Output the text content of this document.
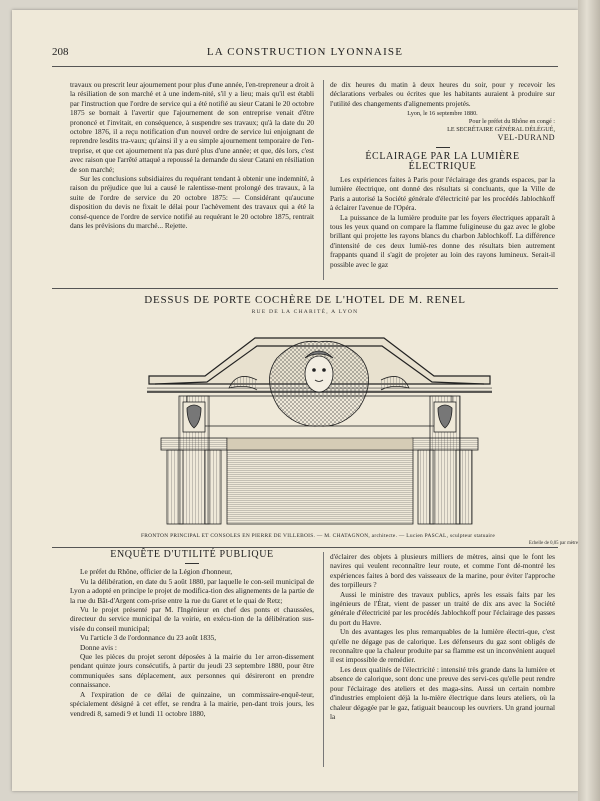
208	LA CONSTRUCTION LYONNAISE

travaux ou prescrit leur ajournement pour plus d'une année, l'en-trepreneur a droit à la résiliation de son marché et à une indem-nité, s'il y a lieu; mais qu'il est établi par l'instruction que l'ordre de service qui a été notifié au sieur Catani le 20 octobre 1875 se bornait à l'avertir que l'ajournement de son entreprise venait d'être prononcé et l'invitait, en conséquence, à suspendre ses travaux; qu'à la date du 20 octobre 1876, il a reçu notification d'un nouvel ordre de service lui enjoignant de reprendre lesdits tra-vaux; qu'ainsi il y a eu simple ajournement temporaire de l'en-treprise, et que cet ajournement n'a pas duré plus d'une année; et que, dès lors, c'est avec raison que l'arrêté attaqué a repoussé la demande du sieur Catani en résiliation de son marché;

Sur les conclusions subsidiaires du requérant tendant à obtenir une indemnité, à raison du préjudice que lui a causé le ralentisse-ment prolongé des travaux, à la suite de l'ordre de service du 20 octobre 1875: — Considérant qu'aucune disposition du devis ne fixait le délai pour l'achèvement des travaux qui a été la consé-quence de l'ordre de service notifié au requérant le 20 octobre 1875, rentrait dans les prévisions du marché... Rejette.

de dix heures du matin à deux heures du soir, pour y recevoir les déclarations verbales ou écrites que les habitants auraient à produire sur l'utilité des changements d'alignements projetés.

Lyon, le 16 septembre 1880.
Pour le préfet du Rhône en congé :
LE SECRÉTAIRE GÉNÉRAL DÉLÉGUÉ,
VEL-DURAND
ÉCLAIRAGE PAR LA LUMIÈRE ÉLECTRIQUE

Les expériences faites à Paris pour l'éclairage des grands espaces, par la lumière électrique, ont donné des résultats si concluants, que la Ville de Paris a autorisé la Société générale d'électricité par les procédés Jablochkoff à éclairer l'avenue de l'Opéra.

La puissance de la lumière produite par les foyers électriques apparaît à tous les yeux quand on compare la flamme fuligineuse du gaz avec le globe brillant qui projette les rayons blancs du charbon Jablochkoff. La différence d'intensité de ces deux lumiè-res donne des résultats bien autrement frappants quand il s'agit de projeter au loin des rayons lumineux. Serait-il possible avec le gaz

DESSUS DE PORTE COCHÈRE DE L'HOTEL DE M. RENEL
RUE DE LA CHARITÉ, A LYON
FRONTON PRINCIPAL ET CONSOLES EN PIERRE DE VILLEBOIS. — M. CHATAGNON, architecte. — Lucien PASCAL, sculpteur statuaire
Echelle de 0,05 par mètre
ENQUÊTE D'UTILITÉ PUBLIQUE

Le préfet du Rhône, officier de la Légion d'honneur,

Vu la délibération, en date du 5 août 1880, par laquelle le con-seil municipal de Lyon a adopté en principe le projet de modifica-tion des alignements de la partie de la rue du Bât-d'Argent com-prise entre la rue du Garet et le quai de Retz;

Vu le projet présenté par M. l'Ingénieur en chef des ponts et chaussées, directeur du service municipal de la voirie, en exécu-tion de la délibération sus-visée du conseil municipal;

Vu l'article 3 de l'ordonnance du 23 août 1835,

Donne avis :

Que les pièces du projet seront déposées à la mairie du 1er arron-dissement pendant quinze jours consécutifs, à partir du jeudi 23 septembre 1880, pour être communiquées sans déplacement, aux personnes qui désireront en prendre connaissance.

A l'expiration de ce délai de quinzaine, un commissaire-enquê-teur, spécialement désigné à cet effet, se rendra à la mairie, pen-dant trois jours, les vendredi 8, samedi 9 et lundi 11 octobre 1880,

d'éclairer des objets à plusieurs milliers de mètres, ainsi que le font les navires qui veulent reconnaître leur route, et comme l'ont dé-montré les expériences faites à bord des vaisseaux de la marine, pour éviter l'approche des torpilleurs ?

Aussi le ministre des travaux publics, après les essais faits par les ingénieurs de l'État, vient de passer un traité de dix ans avec la Société générale d'électricité par les procédés Jablochkoff pour l'éclairage des passes du port du Havre.

Un des avantages les plus remarquables de la lumière électri-que, c'est qu'elle ne dégage pas de calorique. Les défenseurs du gaz sont obligés de reconnaître que la chaleur produite par sa flamme est un inconvénient auquel il est impossible de remédier.

Les deux qualités de l'électricité : intensité très grande dans la lumière et absence de calorique, sont donc une preuve des servi-ces qu'elle peut rendre pour l'éclairage des ateliers et des maga-sins. Aussi un certain nombre d'industries emploient déjà la lu-mière électrique dans leurs ateliers, où la chaleur dégagée par le gaz, fatiguait beaucoup les ouvriers. Un grand journal la
